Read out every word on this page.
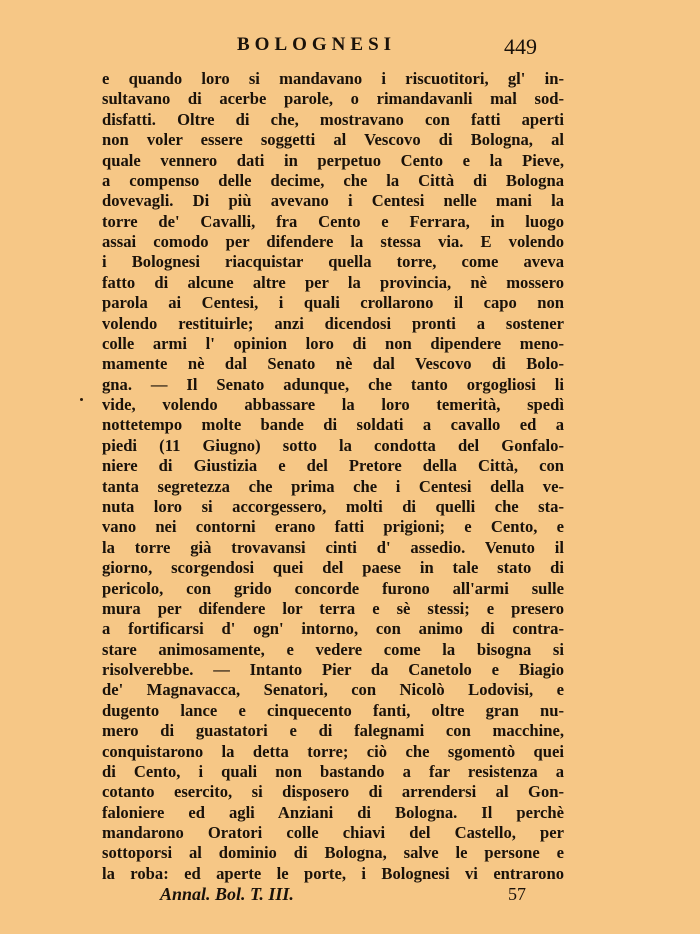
BOLOGNESI	449
e quando loro si mandavano i riscuotitori, gl' in-
sultavano di acerbe parole, o rimandavanli mal sod-
disfatti. Oltre di che, mostravano con fatti aperti
non voler essere soggetti al Vescovo di Bologna, al
quale vennero dati in perpetuo Cento e la Pieve,
a compenso delle decime, che la Città di Bologna
dovevagli. Di più avevano i Centesi nelle mani la
torre de' Cavalli, fra Cento e Ferrara, in luogo
assai comodo per difendere la stessa via. E volendo
i Bolognesi riacquistar quella torre, come aveva
fatto di alcune altre per la provincia, nè mossero
parola ai Centesi, i quali crollarono il capo non
volendo restituirle; anzi dicendosi pronti a sostener
colle armi l' opinion loro di non dipendere meno-
mamente nè dal Senato nè dal Vescovo di Bolo-
gna. — Il Senato adunque, che tanto orgogliosi li
vide, volendo abbassare la loro temerità, spedì
nottetempo molte bande di soldati a cavallo ed a
piedi (11 Giugno) sotto la condotta del Gonfalo-
niere di Giustizia e del Pretore della Città, con
tanta segretezza che prima che i Centesi della ve-
nuta loro si accorgessero, molti di quelli che sta-
vano nei contorni erano fatti prigioni; e Cento, e
la torre già trovavansi cinti d' assedio. Venuto il
giorno, scorgendosi quei del paese in tale stato di
pericolo, con grido concorde furono all'armi sulle
mura per difendere lor terra e sè stessi; e presero
a fortificarsi d' ogn' intorno, con animo di contra-
stare animosamente, e vedere come la bisogna si
risolverebbe. — Intanto Pier da Canetolo e Biagio
de' Magnavacca, Senatori, con Nicolò Lodovisi, e
dugento lance e cinquecento fanti, oltre gran nu-
mero di guastatori e di falegnami con macchine,
conquistarono la detta torre; ciò che sgomentò quei
di Cento, i quali non bastando a far resistenza a
cotanto esercito, si disposero di arrendersi al Gon-
faloniere ed agli Anziani di Bologna. Il perchè
mandarono Oratori colle chiavi del Castello, per
sottoporsi al dominio di Bologna, salve le persone e
la roba: ed aperte le porte, i Bolognesi vi entrarono
Annal. Bol. T. III.	57
